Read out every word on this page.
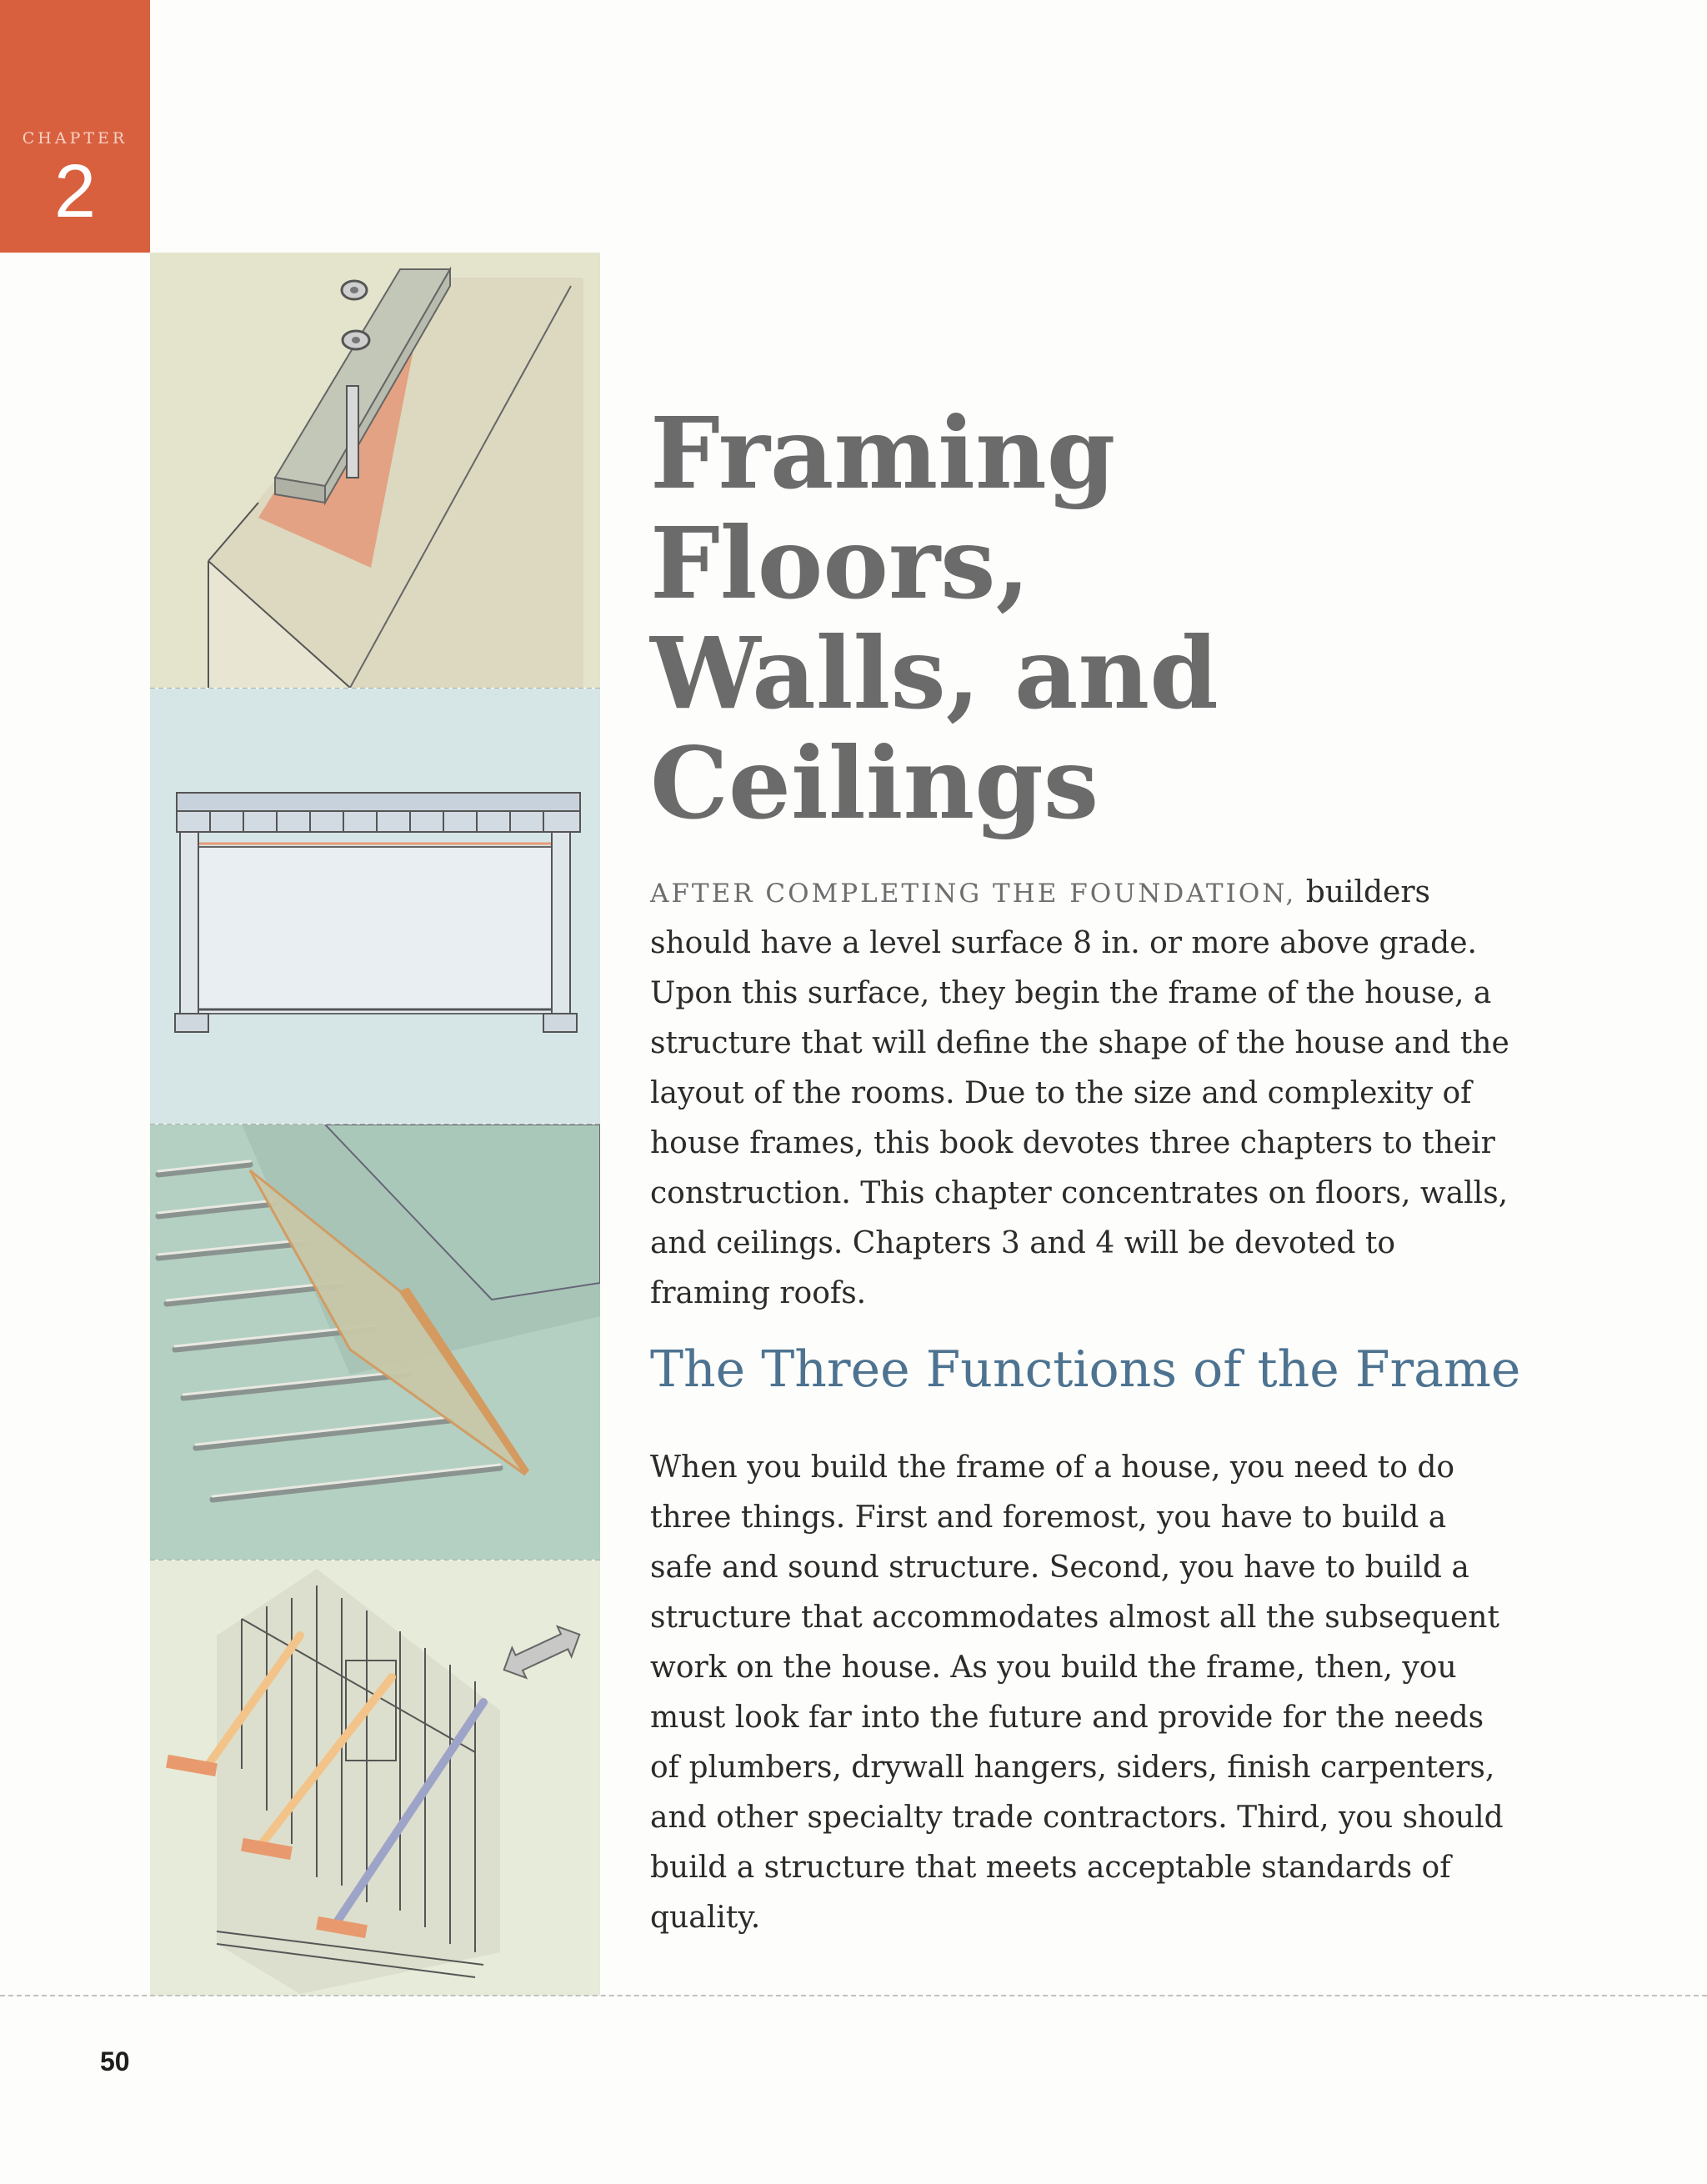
CHAPTER
2
Framing Floors,
Walls, and
Ceilings

AFTER COMPLETING THE FOUNDATION, builders should have a level surface 8 in. or more above grade. Upon this surface, they begin the frame of the house, a structure that will define the shape of the house and the layout of the rooms. Due to the size and complexity of house frames, this book devotes three chapters to their construction. This chapter concentrates on floors, walls, and ceilings. Chapters 3 and 4 will be devoted to framing roofs.

The Three Functions of the Frame

When you build the frame of a house, you need to do three things. First and foremost, you have to build a safe and sound structure. Second, you have to build a structure that accommodates almost all the subsequent work on the house. As you build the frame, then, you must look far into the future and provide for the needs of plumbers, drywall hangers, siders, finish carpenters, and other specialty trade contractors. Third, you should build a structure that meets acceptable standards of quality.

50
